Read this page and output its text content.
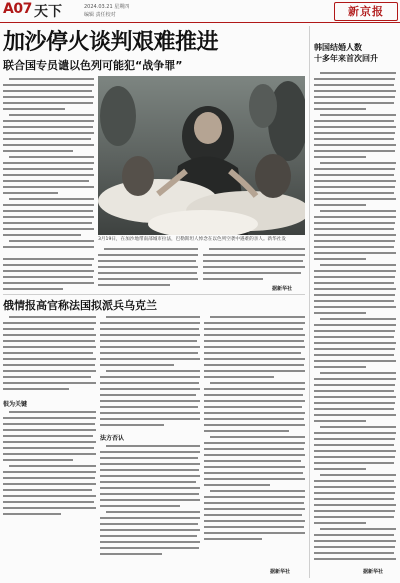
A07 天下	2024.03.21 星期四
编辑 责任校对	新京报
加沙停火谈判艰难推进
联合国专员谴以色列可能犯“战争罪”
3月19日，在加沙地带南部城市拉法，巴勒斯坦人悼念在以色列空袭中遇难的亲人。新华社发
据新华社
俄情报高官称法国拟派兵乌克兰
很为关键
法方否认
据新华社
韩国结婚人数
十多年来首次回升
据新华社
